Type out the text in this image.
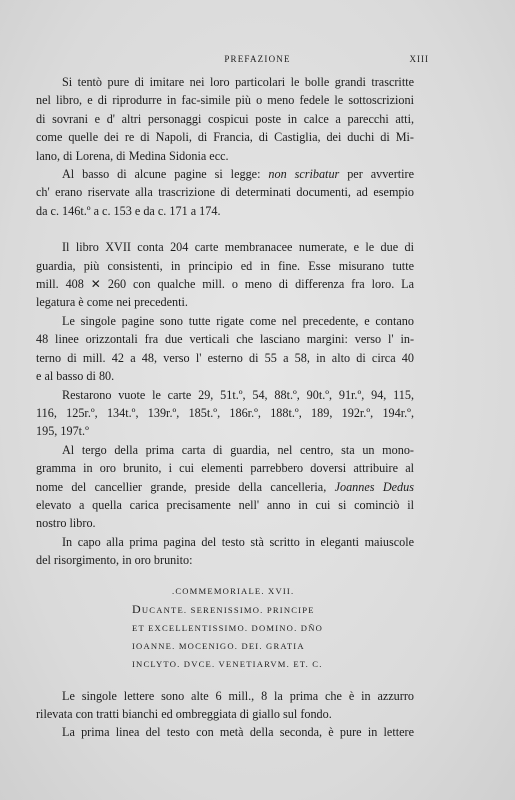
PREFAZIONE	XIII

Si tentò pure di imitare nei loro particolari le bolle grandi trascritte
nel libro, e di riprodurre in fac-simile più o meno fedele le sottoscrizioni
di sovrani e d' altri personaggi cospicui poste in calce a parecchi atti,
come quelle dei re di Napoli, di Francia, di Castiglia, dei duchi di Mi-
lano, di Lorena, di Medina Sidonia ecc.

Al basso di alcune pagine si legge: non scribatur per avvertire
ch' erano riservate alla trascrizione di determinati documenti, ad esempio
da c. 146t.º a c. 153 e da c. 171 a 174.

Il libro XVII conta 204 carte membranacee numerate, e le due di
guardia, più consistenti, in principio ed in fine. Esse misurano tutte
mill. 408 ✕ 260 con qualche mill. o meno di differenza fra loro. La
legatura è come nei precedenti.

Le singole pagine sono tutte rigate come nel precedente, e contano
48 linee orizzontali fra due verticali che lasciano margini: verso l' in-
terno di mill. 42 a 48, verso l' esterno di 55 a 58, in alto di circa 40
e al basso di 80.

Restarono vuote le carte 29, 51t.º, 54, 88t.º, 90t.º, 91r.º, 94, 115,
116, 125r.º, 134t.º, 139r.º, 185t.º, 186r.º, 188t.º, 189, 192r.º, 194r.º,
195, 197t.º

Al tergo della prima carta di guardia, nel centro, sta un mono-
gramma in oro brunito, i cui elementi parrebbero doversi attribuire al
nome del cancellier grande, preside della cancelleria, Joannes Dedus
elevato a quella carica precisamente nell' anno in cui si cominciò il
nostro libro.

In capo alla prima pagina del testo stà scritto in eleganti maiuscole
del risorgimento, in oro brunito:

.COMMEMORIALE. XVII.
DUCANTE. SERENISSIMO. PRINCIPE
ET EXCELLENTISSIMO. DOMINO. DÑO
IOANNE. MOCENIGO. DEI. GRATIA
INCLYTO. DVCE. VENETIARVM. ET. C.

Le singole lettere sono alte 6 mill., 8 la prima che è in azzurro
rilevata con tratti bianchi ed ombreggiata di giallo sul fondo.

La prima linea del testo con metà della seconda, è pure in lettere
